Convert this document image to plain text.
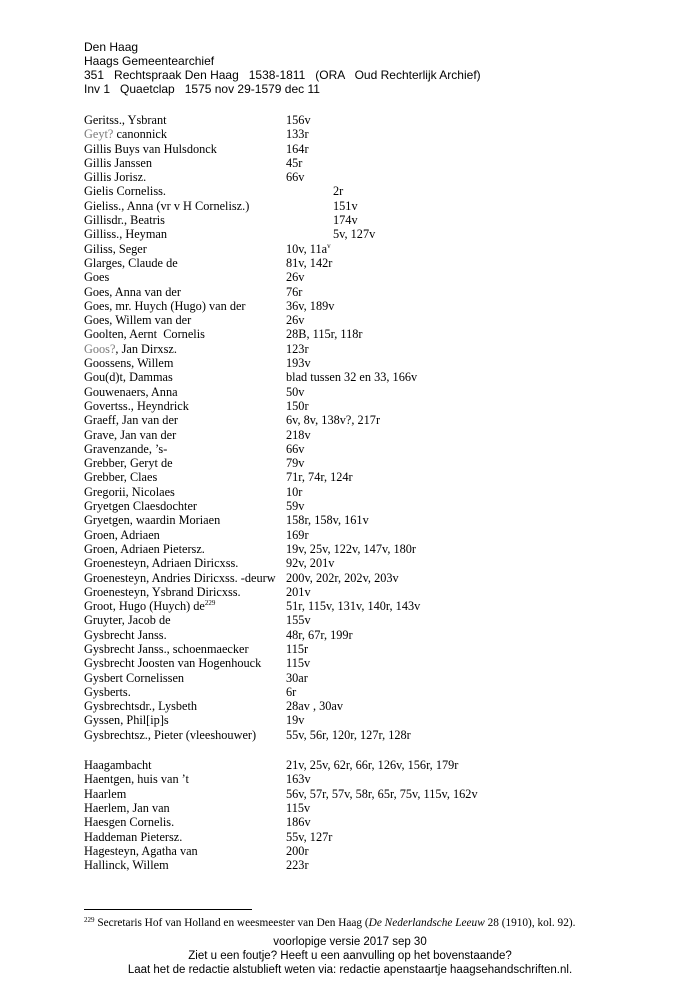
Den Haag
Haags Gemeentearchief
351   Rechtspraak Den Haag   1538-1811   (ORA   Oud Rechterlijk Archief)
Inv 1   Quaetclap   1575 nov 29-1579 dec 11
Geritss., Ysbrant	156v
Geyt? canonnick	133r
Gillis Buys van Hulsdonck	164r
Gillis Janssen	45r
Gillis Jorisz.	66v
Gielis Corneliss.	2r
Gieliss., Anna (vr v H Cornelisz.)	151v
Gillisdr., Beatris	174v
Gilliss., Heyman	5v, 127v
Giliss, Seger	10v, $11a^v$
Glarges, Claude de	81v, 142r
Goes	26v
Goes, Anna van der	76r
Goes, mr. Huych (Hugo) van der	36v, 189v
Goes, Willem van der	26v
Goolten, Aernt  Cornelis	28B, 115r, 118r
Goos?, Jan Dirxsz.	123r
Goossens, Willem	193v
Gou(d)t, Dammas	blad tussen 32 en 33, 166v
Gouwenaers, Anna	50v
Govertss., Heyndrick	150r
Graeff, Jan van der	6v, 8v, 138v?, 217r
Grave, Jan van der	218v
Gravenzande, ’s-	66v
Grebber, Geryt de	79v
Grebber, Claes	71r, 74r, 124r
Gregorii, Nicolaes	10r
Gryetgen Claesdochter	59v
Gryetgen, waardin Moriaen	158r, 158v, 161v
Groen, Adriaen	169r
Groen, Adriaen Pietersz.	19v, 25v, 122v, 147v, 180r
Groenesteyn, Adriaen Diricxss.	92v, 201v
Groenesteyn, Andries Diricxss. -deurw 200v, 202r, 202v, 203v
Groenesteyn, Ysbrand Diricxss.	201v
Groot, Hugo (Huych) $de^{229}$	51r, 115v, 131v, 140r, 143v
Gruyter, Jacob de	155v
Gysbrecht Janss.	48r, 67r, 199r
Gysbrecht Janss., schoenmaecker	115r
Gysbrecht Joosten van Hogenhouck 115v
Gysbert Cornelissen	30ar
Gysberts.	6r
Gysbrechtsdr., Lysbeth	28av , 30av
Gyssen, Phil[ip]s	19v
Gysbrechtsz., Pieter (vleeshouwer) 55v, 56r, 120r, 127r, 128r
Haagambacht	21v, 25v, 62r, 66r, 126v, 156r, 179r
Haentgen, huis van ’t	163v
Haarlem	56v, 57r, 57v, 58r, 65r, 75v, 115v, 162v
Haerlem, Jan van	115v
Haesgen Cornelis.	186v
Haddeman Pietersz.	55v, 127r
Hagesteyn, Agatha van	200r
Hallinck, Willem	223r
$^{229}$ Secretaris Hof van Holland en weesmeester van Den Haag (De Nederlandsche Leeuw 28 (1910), kol. 92).
voorlopige versie 2017 sep 30
Ziet u een foutje? Heeft u een aanvulling op het bovenstaande?
Laat het de redactie alstublieft weten via: redactie apenstaartje haagsehandschriften.nl.
